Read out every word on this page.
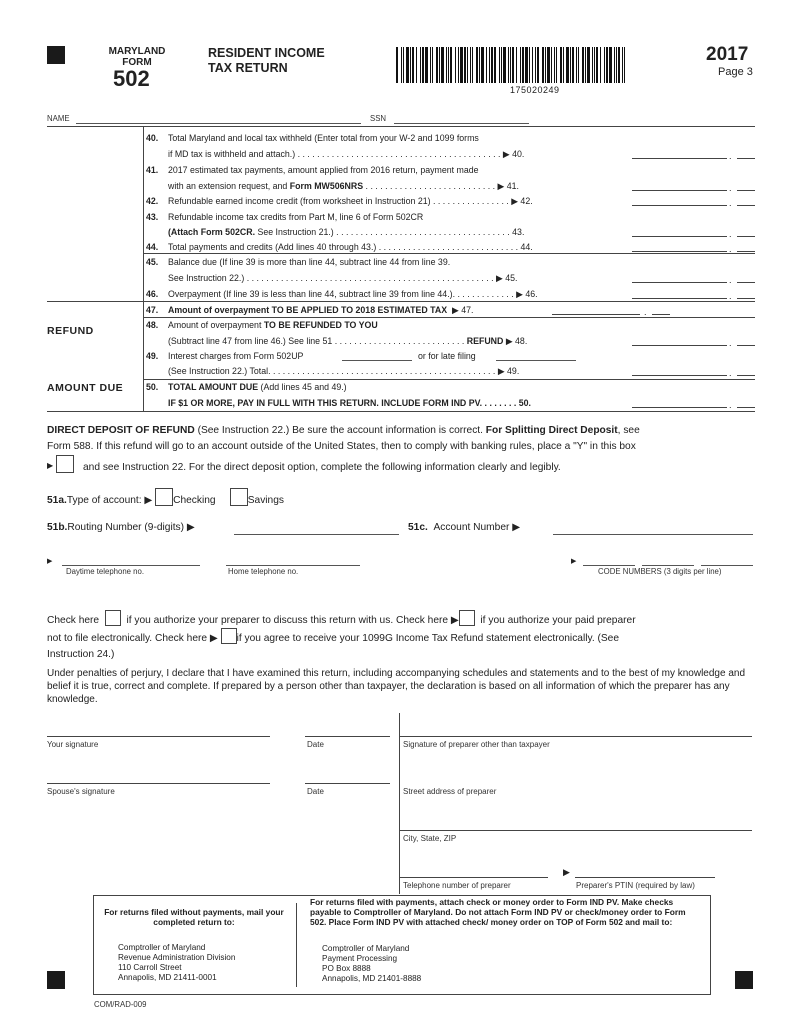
MARYLAND
FORM
502
RESIDENT INCOME
TAX RETURN
175020249
2017
Page 3
NAME	SSN
40. Total Maryland and local tax withheld (Enter total from your W-2 and 1099 forms
if MD tax is withheld and attach.) . . . . . . . . . . . . . . . . . . . . . . . . . . . . . . . . . . . . . . . . . . ▶ 40.	.
41. 2017 estimated tax payments, amount applied from 2016 return, payment made
with an extension request, and Form MW506NRS . . . . . . . . . . . . . . . . . . . . . . . . . . . ▶ 41.	.
42. Refundable earned income credit (from worksheet in Instruction 21) . . . . . . . . . . . . . . . . ▶ 42.	.
43. Refundable income tax credits from Part M, line 6 of Form 502CR
(Attach Form 502CR. See Instruction 21.) . . . . . . . . . . . . . . . . . . . . . . . . . . . . . . . . . . . . 43.	.
44. Total payments and credits (Add lines 40 through 43.) . . . . . . . . . . . . . . . . . . . . . . . . . . . . . 44.	.
45. Balance due (If line 39 is more than line 44, subtract line 44 from line 39.
See Instruction 22.) . . . . . . . . . . . . . . . . . . . . . . . . . . . . . . . . . . . . . . . . . . . . . . . . . . . ▶ 45.	.
46. Overpayment (If line 39 is less than line 44, subtract line 39 from line 44.). . . . . . . . . . . . . ▶ 46.	.
47. Amount of overpayment TO BE APPLIED TO 2018 ESTIMATED TAX ▶ 47.	.
REFUND	48. Amount of overpayment TO BE REFUNDED TO YOU
(Subtract line 47 from line 46.) See line 51 . . . . . . . . . . . . . . . . . . . . . . . . . . . REFUND ▶ 48.	.
49. Interest charges from Form 502UP	or for late filing
(See Instruction 22.) Total. . . . . . . . . . . . . . . . . . . . . . . . . . . . . . . . . . . . . . . . . . . . . . . ▶ 49.	.
AMOUNT DUE	50. TOTAL AMOUNT DUE (Add lines 45 and 49.)
IF $1 OR MORE, PAY IN FULL WITH THIS RETURN. INCLUDE FORM IND PV. . . . . . . . 50.	.
DIRECT DEPOSIT OF REFUND (See Instruction 22.) Be sure the account information is correct. For Splitting Direct Deposit, see
Form 588. If this refund will go to an account outside of the United States, then to comply with banking rules, place a "Y" in this box
▶	and see Instruction 22. For the direct deposit option, complete the following information clearly and legibly.
51a.Type of account: ▶ Checking	Savings
51b.Routing Number (9-digits) ▶	51c. Account Number ▶
▶
Daytime telephone no.	Home telephone no.
▶
CODE NUMBERS (3 digits per line)
Check here	if you authorize your preparer to discuss this return with us. Check here ▶ if you authorize your paid preparer
not to file electronically. Check here ▶ if you agree to receive your 1099G Income Tax Refund statement electronically. (See
Instruction 24.)
Under penalties of perjury, I declare that I have examined this return, including accompanying schedules and statements and to the best of my knowledge and belief it is true, correct and complete. If prepared by a person other than taxpayer, the declaration is based on all information of which the preparer has any knowledge.
Your signature	Date	Signature of preparer other than taxpayer
Spouse's signature	Date	Street address of preparer
City, State, ZIP
▶
Telephone number of preparer	Preparer's PTIN (required by law)
For returns filed without payments, mail your completed return to:
Comptroller of Maryland
Revenue Administration Division
110 Carroll Street
Annapolis, MD 21411-0001
For returns filed with payments, attach check or money order to Form IND PV. Make checks payable to Comptroller of Maryland. Do not attach Form IND PV or check/money order to Form 502. Place Form IND PV with attached check/ money order on TOP of Form 502 and mail to:
Comptroller of Maryland
Payment Processing
PO Box 8888
Annapolis, MD 21401-8888
COM/RAD-009
